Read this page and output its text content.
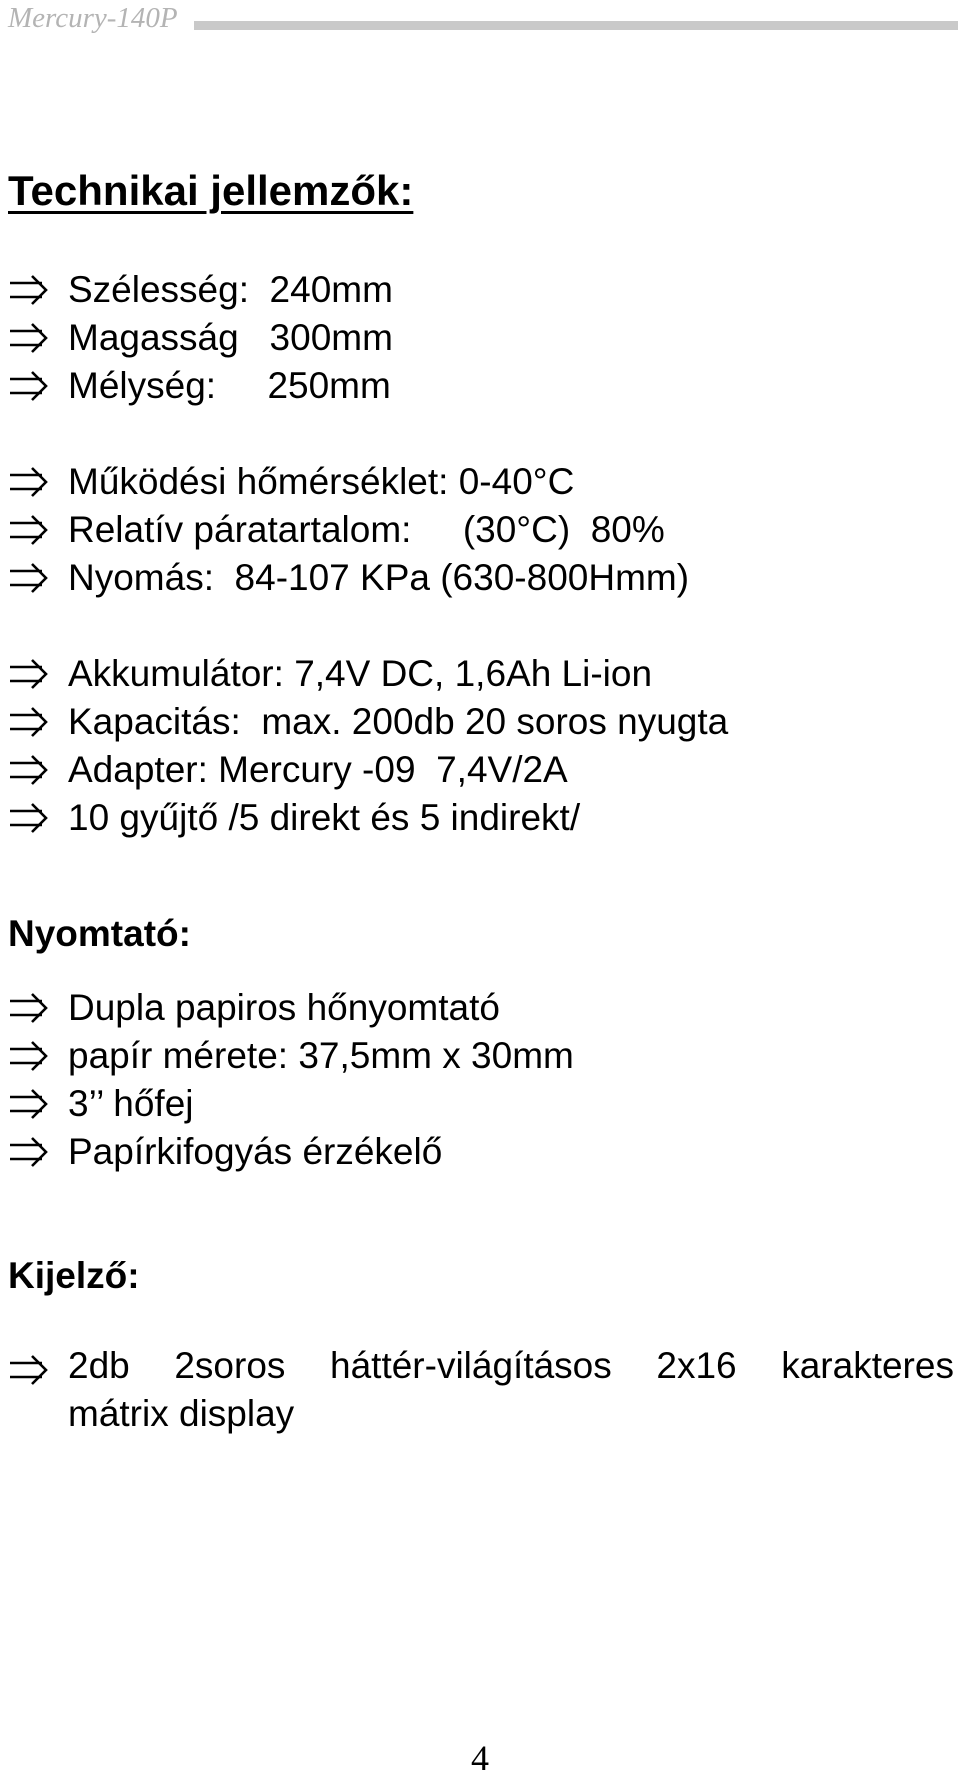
Mercury-140P
Technikai jellemzők:
Szélesség:  240mm
Magasság   300mm
Mélység:     250mm
Működési hőmérséklet: 0-40°C
Relatív páratartalom:     (30°C)  80%
Nyomás:  84-107 KPa (630-800Hmm)
Akkumulátor: 7,4V DC, 1,6Ah Li-ion
Kapacitás:  max. 200db 20 soros nyugta
Adapter: Mercury -09  7,4V/2A
10 gyűjtő /5 direkt és 5 indirekt/
Nyomtató:
Dupla papiros hőnyomtató
papír mérete: 37,5mm x 30mm
3’’ hőfej
Papírkifogyás érzékelő
Kijelző:
2db 2soros háttér-világításos 2x16 karakteres
mátrix display
4
